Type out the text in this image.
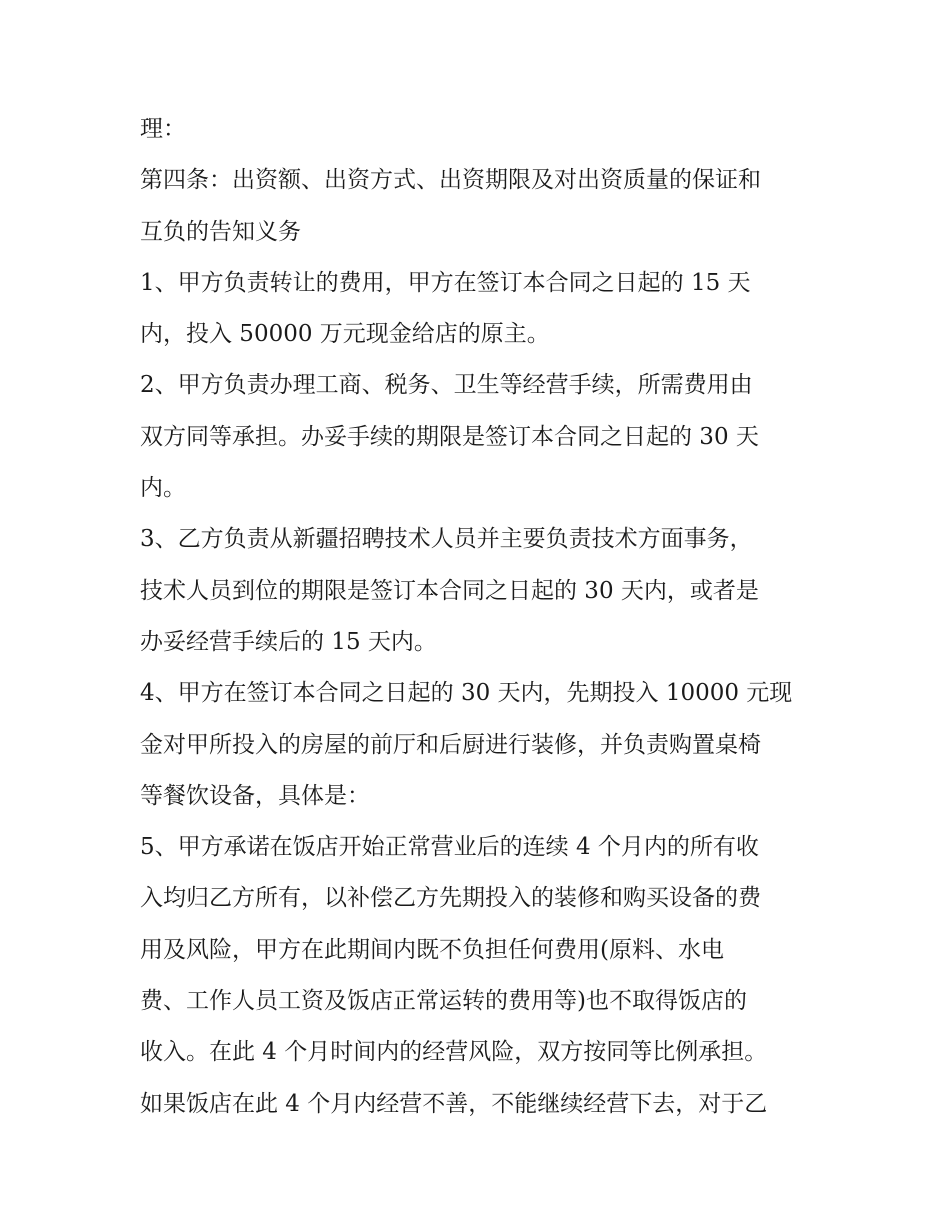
理：
第四条：出资额、出资方式、出资期限及对出资质量的保证和
互负的告知义务
1、甲方负责转让的费用，甲方在签订本合同之日起的 15 天
内，投入 50000 万元现金给店的原主。
2、甲方负责办理工商、税务、卫生等经营手续，所需费用由
双方同等承担。办妥手续的期限是签订本合同之日起的 30 天
内。
3、乙方负责从新疆招聘技术人员并主要负责技术方面事务，
技术人员到位的期限是签订本合同之日起的 30 天内，或者是
办妥经营手续后的 15 天内。
4、甲方在签订本合同之日起的 30 天内，先期投入 10000 元现
金对甲所投入的房屋的前厅和后厨进行装修，并负责购置桌椅
等餐饮设备，具体是：
5、甲方承诺在饭店开始正常营业后的连续 4 个月内的所有收
入均归乙方所有，以补偿乙方先期投入的装修和购买设备的费
用及风险，甲方在此期间内既不负担任何费用(原料、水电
费、工作人员工资及饭店正常运转的费用等)也不取得饭店的
收入。在此 4 个月时间内的经营风险，双方按同等比例承担。
如果饭店在此 4 个月内经营不善，不能继续经营下去，对于乙
